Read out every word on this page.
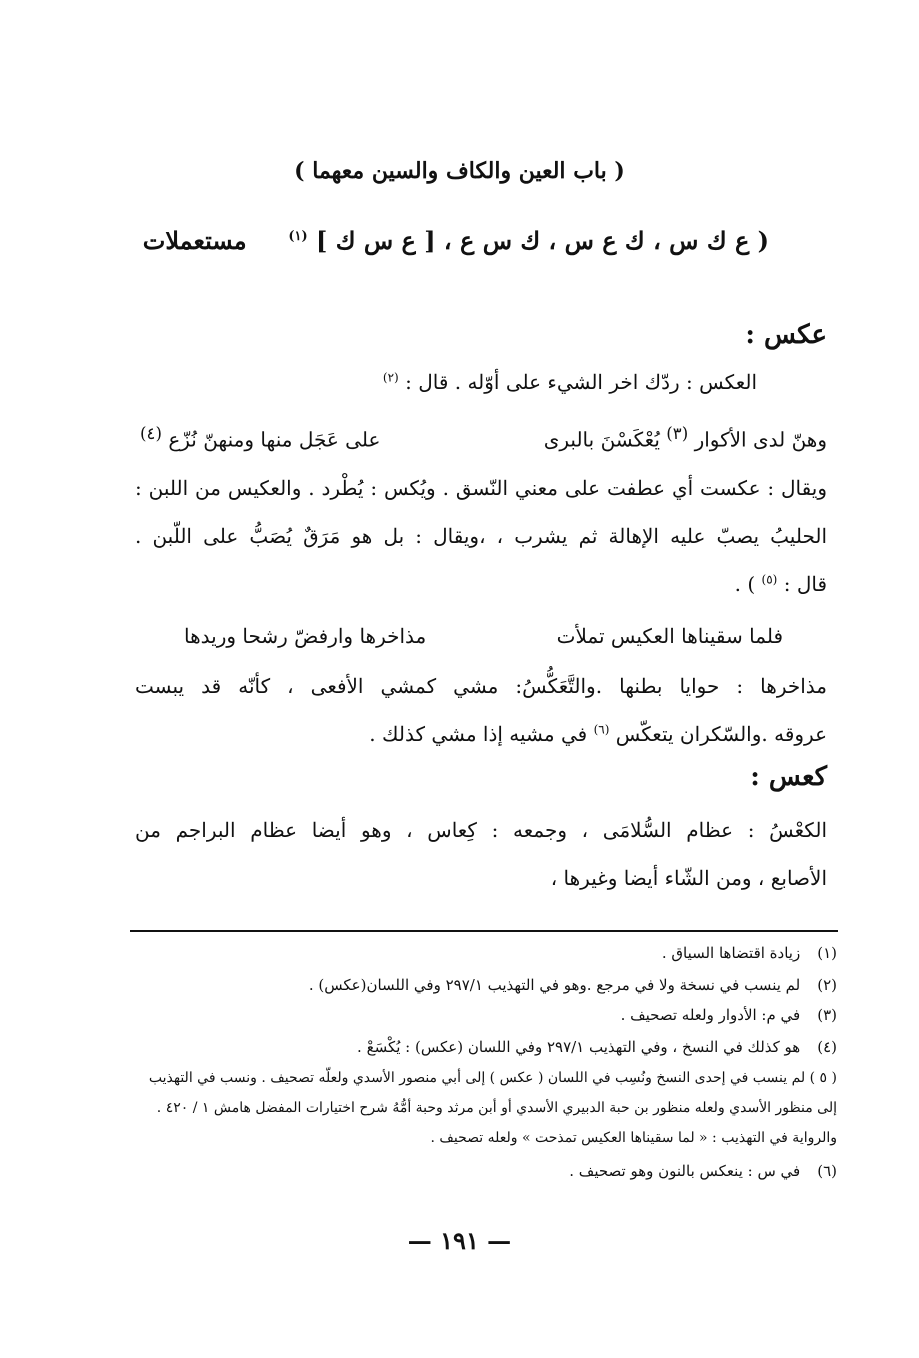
( باب العين والكاف والسين معهما )
( ع ك س ، ك ع س ، ك س ع ، [ ع س ك ] $^{(١)}$     مستعملات
عكس :
العكس : ردّك اخر الشيء على أوّله . قال : $^{(٢)}$
وهنّ لدى الأكوار $^{(٣)}$ يُعْكَسْنَ بالبرى
على عَجَل منها ومنهنّ نُزّع $^{(٤)}$
ويقال : عكست أي عطفت على معني النّسق . ويُكس : يُطْرد . والعكيس من اللبن :
الحليبُ يصبّ عليه الإهالة ثم يشرب ، ،ويقال : بل هو مَرَقٌ يُصَبُّ على اللّبن .
قال : $^{(٥)}$ ) .
فلما سقيناها العكيس تملأت
مذاخرها وارفضّ رشحا وريدها
مذاخرها : حوايا بطنها .والتَّعَكُّسُ: مشي كمشي الأفعى ، كأنّه قد يبست
عروقه .والسّكران يتعكّس $^{(٦)}$ في مشيه إذا مشي كذلك .
كعس :
الكعْسُ : عظام السُّلامَى ، وجمعه : كِعاس ، وهو أيضا عظام البراجم من
الأصابع ، ومن الشّاء أيضا وغيرها ،
(١) زيادة اقتضاها السياق .
(٢) لم ينسب في نسخة ولا في مرجع .وهو في التهذيب ٢٩٧/١ وفي اللسان(عكس) .
(٣) في م: الأدوار ولعله تصحيف .
(٤) هو كذلك في النسخ ، وفي التهذيب ٢٩٧/١ وفي اللسان (عكس) : يُكْسَعْ .
( ٥ ) لم ينسب في إحدى النسخ ونُسِب في اللسان ( عكس ) إلى أبي منصور الأسدي ولعلّه تصحيف . ونسب في التهذيب
إلى منظور الأسدي ولعله منظور بن حبة الدبيري الأسدي أو أبن مرثد وحبة أمُّهُ شرح اختيارات المفضل هامش ١ / ٤٢٠ .
والرواية في التهذيب : « لما سقيناها العكيس تمذحت » ولعله تصحيف .
(٦) في س : ينعكس بالنون وهو تصحيف .
— ١٩١ —
